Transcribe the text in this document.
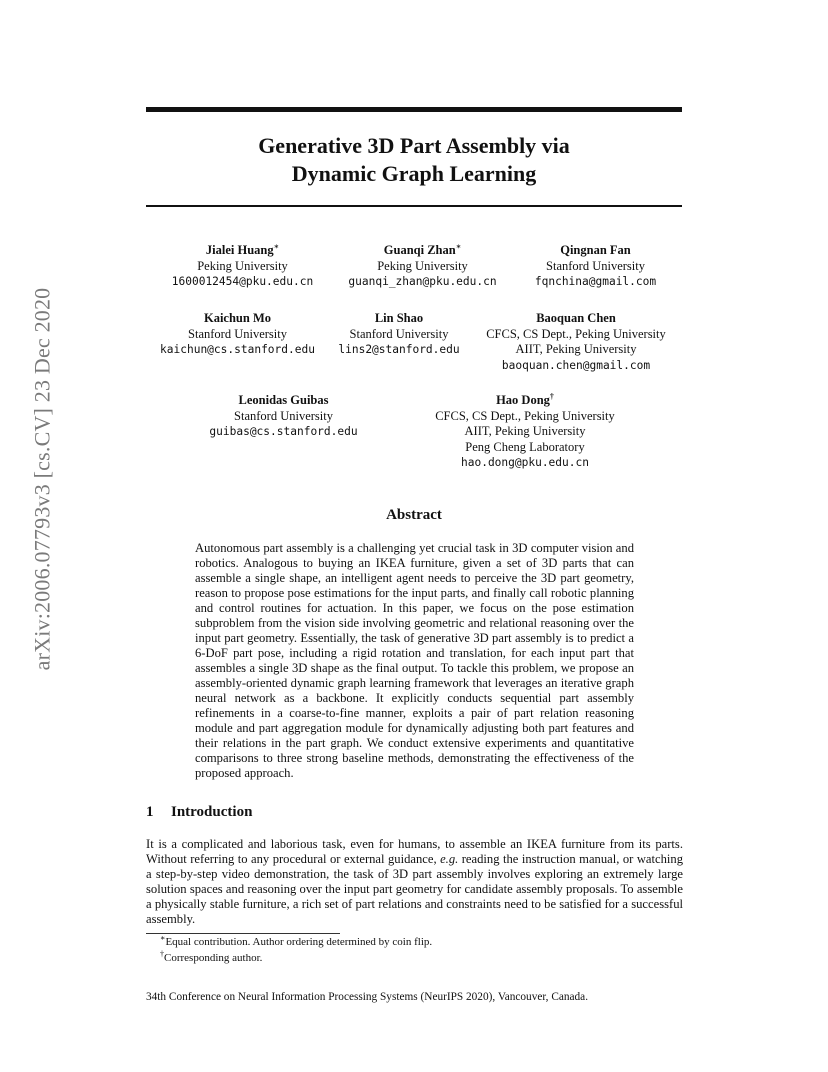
arXiv:2006.07793v3 [cs.CV] 23 Dec 2020
Generative 3D Part Assembly via
Dynamic Graph Learning
Jialei Huang∗
Peking University
1600012454@pku.edu.cn
Guanqi Zhan∗
Peking University
guanqi_zhan@pku.edu.cn
Qingnan Fan
Stanford University
fqnchina@gmail.com
Kaichun Mo
Stanford University
kaichun@cs.stanford.edu
Lin Shao
Stanford University
lins2@stanford.edu
Baoquan Chen
CFCS, CS Dept., Peking University
AIIT, Peking University
baoquan.chen@gmail.com
Leonidas Guibas
Stanford University
guibas@cs.stanford.edu
Hao Dong†
CFCS, CS Dept., Peking University
AIIT, Peking University
Peng Cheng Laboratory
hao.dong@pku.edu.cn
Abstract

Autonomous part assembly is a challenging yet crucial task in 3D computer vision and robotics. Analogous to buying an IKEA furniture, given a set of 3D parts that can assemble a single shape, an intelligent agent needs to perceive the 3D part geometry, reason to propose pose estimations for the input parts, and finally call robotic planning and control routines for actuation. In this paper, we focus on the pose estimation subproblem from the vision side involving geometric and relational reasoning over the input part geometry. Essentially, the task of generative 3D part assembly is to predict a 6-DoF part pose, including a rigid rotation and translation, for each input part that assembles a single 3D shape as the final output. To tackle this problem, we propose an assembly-oriented dynamic graph learning framework that leverages an iterative graph neural network as a backbone. It explicitly conducts sequential part assembly refinements in a coarse-to-fine manner, exploits a pair of part relation reasoning module and part aggregation module for dynamically adjusting both part features and their relations in the part graph. We conduct extensive experiments and quantitative comparisons to three strong baseline methods, demonstrating the effectiveness of the proposed approach.

1 Introduction

It is a complicated and laborious task, even for humans, to assemble an IKEA furniture from its parts. Without referring to any procedural or external guidance, e.g. reading the instruction manual, or watching a step-by-step video demonstration, the task of 3D part assembly involves exploring an extremely large solution spaces and reasoning over the input part geometry for candidate assembly proposals. To assemble a physically stable furniture, a rich set of part relations and constraints need to be satisfied for a successful assembly.

∗Equal contribution. Author ordering determined by coin flip.

†Corresponding author.

34th Conference on Neural Information Processing Systems (NeurIPS 2020), Vancouver, Canada.
